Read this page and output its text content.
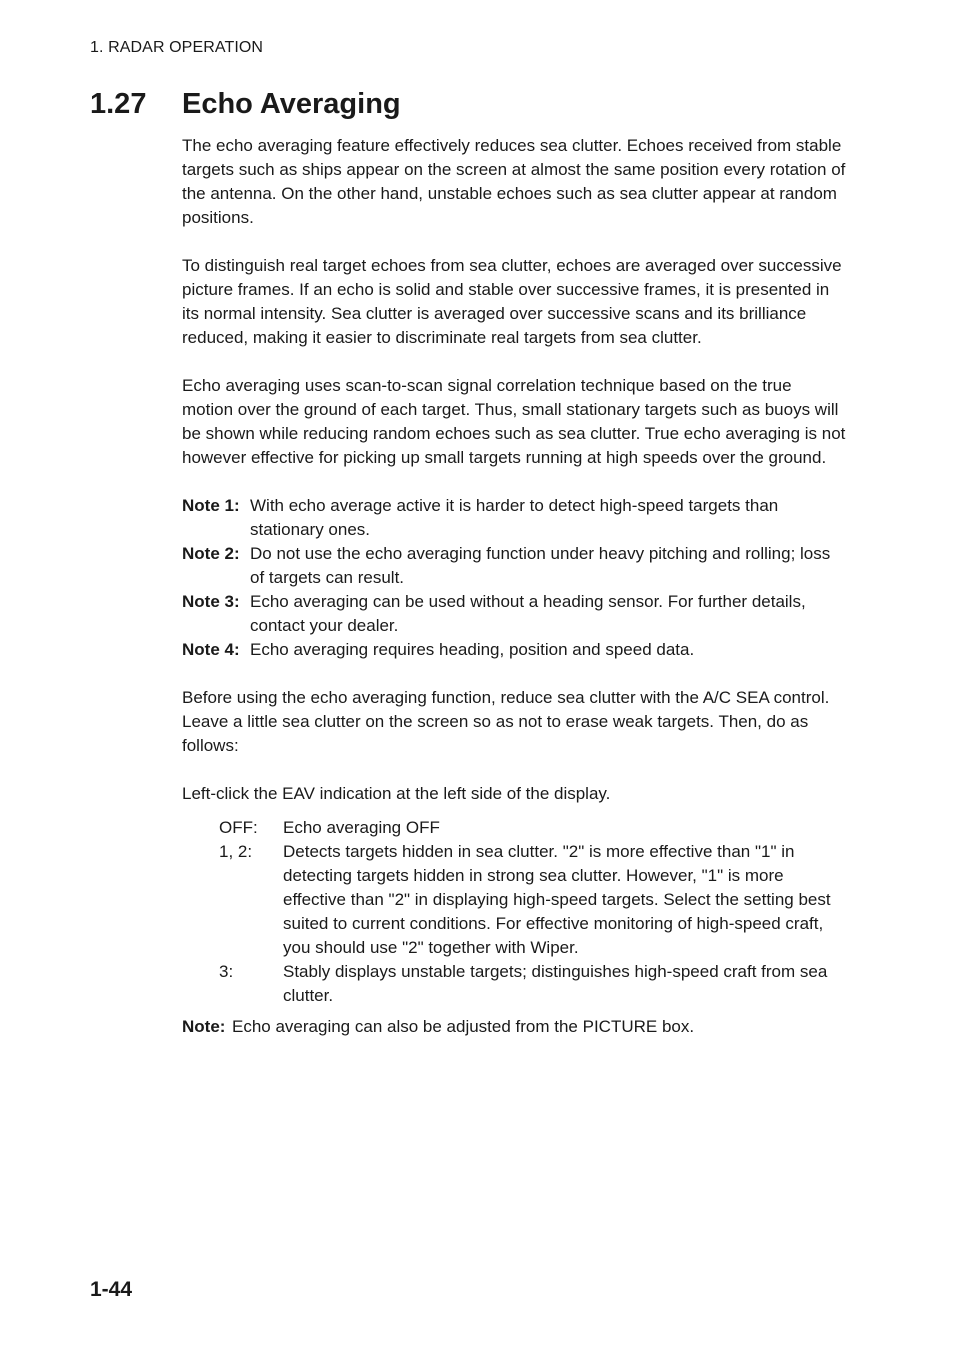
1. RADAR OPERATION
1.27 Echo Averaging

The echo averaging feature effectively reduces sea clutter. Echoes received from stable targets such as ships appear on the screen at almost the same position every rotation of the antenna. On the other hand, unstable echoes such as sea clutter appear at random positions.

To distinguish real target echoes from sea clutter, echoes are averaged over successive picture frames. If an echo is solid and stable over successive frames, it is presented in its normal intensity. Sea clutter is averaged over successive scans and its brilliance reduced, making it easier to discriminate real targets from sea clutter.

Echo averaging uses scan-to-scan signal correlation technique based on the true motion over the ground of each target. Thus, small stationary targets such as buoys will be shown while reducing random echoes such as sea clutter. True echo averaging is not however effective for picking up small targets running at high speeds over the ground.

Note 1: With echo average active it is harder to detect high-speed targets than stationary ones.
Note 2: Do not use the echo averaging function under heavy pitching and rolling; loss of targets can result.
Note 3: Echo averaging can be used without a heading sensor. For further details, contact your dealer.
Note 4: Echo averaging requires heading, position and speed data.

Before using the echo averaging function, reduce sea clutter with the A/C SEA control. Leave a little sea clutter on the screen so as not to erase weak targets. Then, do as follows:

Left-click the EAV indication at the left side of the display.

OFF:	Echo averaging OFF
1, 2:	Detects targets hidden in sea clutter. "2" is more effective than "1" in detecting targets hidden in strong sea clutter. However, "1" is more effective than "2" in displaying high-speed targets. Select the setting best suited to current conditions. For effective monitoring of high-speed craft, you should use "2" together with Wiper.
3:	Stably displays unstable targets; distinguishes high-speed craft from sea clutter.
Note: Echo averaging can also be adjusted from the PICTURE box.
1-44
